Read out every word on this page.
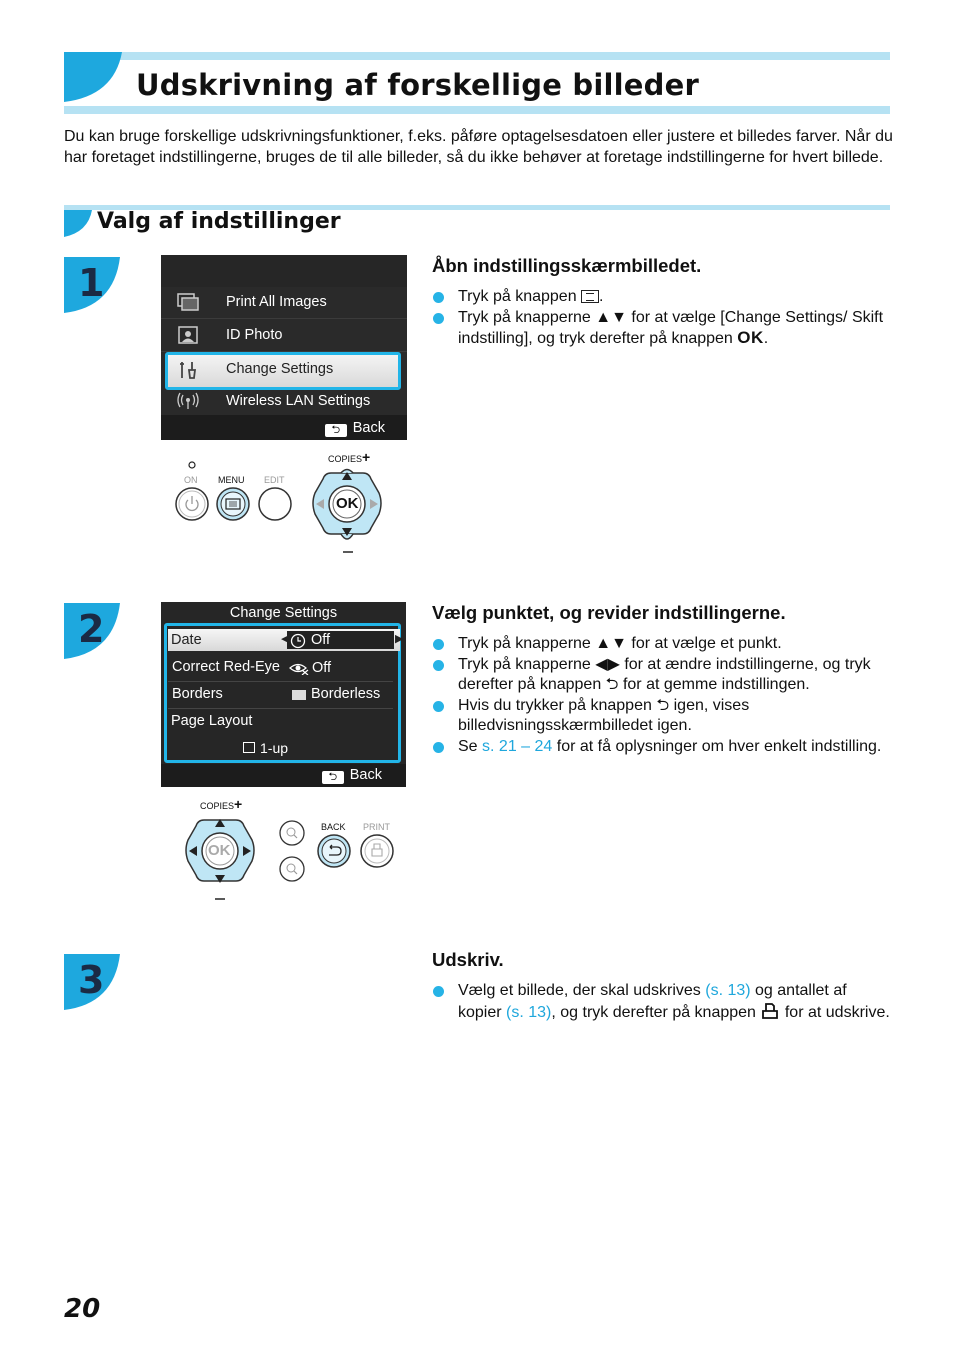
Udskrivning af forskellige billeder
Du kan bruge forskellige udskrivningsfunktioner, f.eks. påføre optagelsesdatoen eller justere et billedes farver. Når du har foretaget indstillingerne, bruges de til alle billeder, så du ikke behøver at foretage indstillingerne for hvert billede.
Valg af indstillinger
1
2
3
Print All Images
ID Photo
Change Settings
Wireless LAN Settings
⮌ Back
ON MENU EDIT
COPIES+
OK
Change Settings
Date	Off
◀	▶
Correct Red-Eye Off
Borders	Borderless
Page Layout
1-up
⮌ Back
COPIES+
OK
BACK PRINT
Åbn indstillingsskærmbilledet.
Tryk på knappen .
Tryk på knapperne ▲▼ for at vælge [Change Settings/ Skift indstilling], og tryk derefter på knappen OK.
Vælg punktet, og revider indstillingerne.
Tryk på knapperne ▲▼ for at vælge et punkt.
Tryk på knapperne ◀▶ for at ændre indstillingerne, og tryk derefter på knappen ⮌ for at gemme indstillingen.
Hvis du trykker på knappen ⮌ igen, vises billedvisningsskærmbilledet igen.
Se s. 21 – 24 for at få oplysninger om hver enkelt indstilling.
Udskriv.
Vælg et billede, der skal udskrives (s. 13) og antallet af kopier (s. 13), og tryk derefter på knappen for at udskrive.
20
